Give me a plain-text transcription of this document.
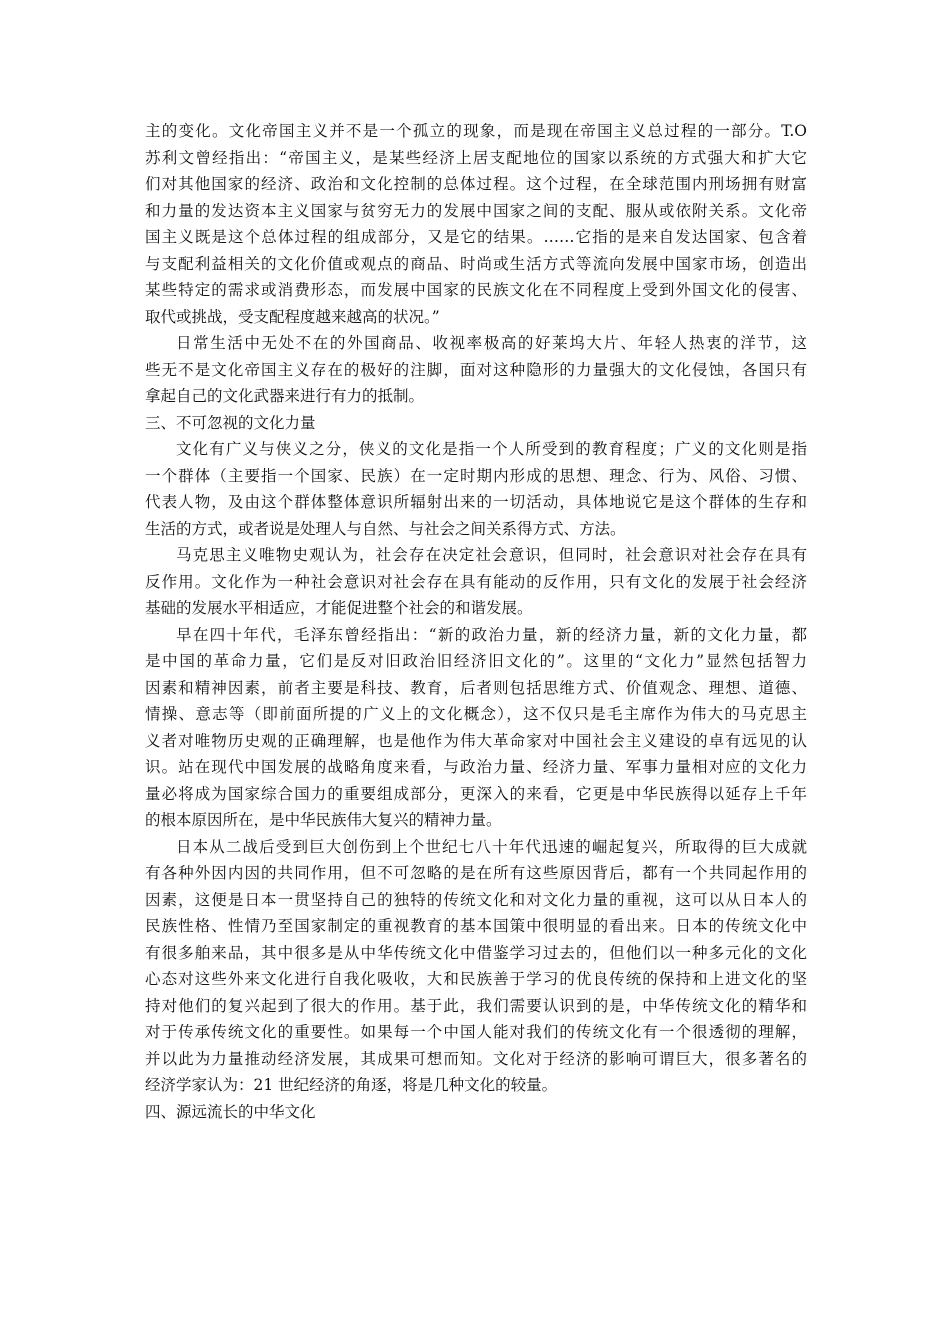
主的变化。文化帝国主义并不是一个孤立的现象，而是现在帝国主义总过程的一部分。T.O
苏利文曾经指出：“帝国主义，是某些经济上居支配地位的国家以系统的方式强大和扩大它
们对其他国家的经济、政治和文化控制的总体过程。这个过程，在全球范围内刑场拥有财富
和力量的发达资本主义国家与贫穷无力的发展中国家之间的支配、服从或依附关系。文化帝
国主义既是这个总体过程的组成部分，又是它的结果。……它指的是来自发达国家、包含着
与支配利益相关的文化价值或观点的商品、时尚或生活方式等流向发展中国家市场，创造出
某些特定的需求或消费形态，而发展中国家的民族文化在不同程度上受到外国文化的侵害、
取代或挑战，受支配程度越来越高的状况。”
日常生活中无处不在的外国商品、收视率极高的好莱坞大片、年轻人热衷的洋节，这
些无不是文化帝国主义存在的极好的注脚，面对这种隐形的力量强大的文化侵蚀，各国只有
拿起自己的文化武器来进行有力的抵制。
三、不可忽视的文化力量
文化有广义与侠义之分，侠义的文化是指一个人所受到的教育程度；广义的文化则是指
一个群体（主要指一个国家、民族）在一定时期内形成的思想、理念、行为、风俗、习惯、
代表人物，及由这个群体整体意识所辐射出来的一切活动，具体地说它是这个群体的生存和
生活的方式，或者说是处理人与自然、与社会之间关系得方式、方法。
马克思主义唯物史观认为，社会存在决定社会意识，但同时，社会意识对社会存在具有
反作用。文化作为一种社会意识对社会存在具有能动的反作用，只有文化的发展于社会经济
基础的发展水平相适应，才能促进整个社会的和谐发展。
早在四十年代，毛泽东曾经指出：“新的政治力量，新的经济力量，新的文化力量，都
是中国的革命力量，它们是反对旧政治旧经济旧文化的”。这里的“文化力”显然包括智力
因素和精神因素，前者主要是科技、教育，后者则包括思维方式、价值观念、理想、道德、
情操、意志等（即前面所提的广义上的文化概念），这不仅只是毛主席作为伟大的马克思主
义者对唯物历史观的正确理解，也是他作为伟大革命家对中国社会主义建设的卓有远见的认
识。站在现代中国发展的战略角度来看，与政治力量、经济力量、军事力量相对应的文化力
量必将成为国家综合国力的重要组成部分，更深入的来看，它更是中华民族得以延存上千年
的根本原因所在，是中华民族伟大复兴的精神力量。
日本从二战后受到巨大创伤到上个世纪七八十年代迅速的崛起复兴，所取得的巨大成就
有各种外因内因的共同作用，但不可忽略的是在所有这些原因背后，都有一个共同起作用的
因素，这便是日本一贯坚持自己的独特的传统文化和对文化力量的重视，这可以从日本人的
民族性格、性情乃至国家制定的重视教育的基本国策中很明显的看出来。日本的传统文化中
有很多舶来品，其中很多是从中华传统文化中借鉴学习过去的，但他们以一种多元化的文化
心态对这些外来文化进行自我化吸收，大和民族善于学习的优良传统的保持和上进文化的坚
持对他们的复兴起到了很大的作用。基于此，我们需要认识到的是，中华传统文化的精华和
对于传承传统文化的重要性。如果每一个中国人能对我们的传统文化有一个很透彻的理解，
并以此为力量推动经济发展，其成果可想而知。文化对于经济的影响可谓巨大，很多著名的
经济学家认为：21 世纪经济的角逐，将是几种文化的较量。
四、源远流长的中华文化
